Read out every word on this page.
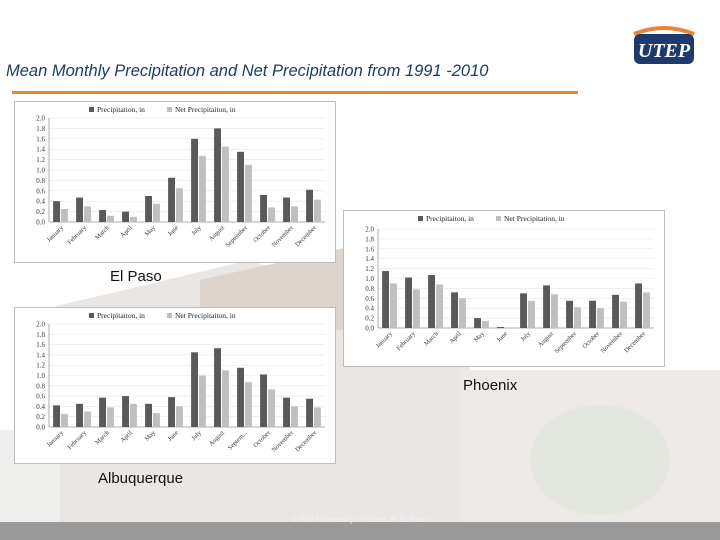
Mean Monthly Precipitation and Net Precipitation from 1991 -2010
UTEP
Precipitation, in	Net Precipitaiton, in
0.0
0.2
0.4
0.6
0.8
1.0
1.2
1.4
1.6
1.8
2.0
January February March April May June July August
September October
November December
El Paso
Precipitaiton, in	Net Precipitation, in
0.0
0.2
0.4
0.6
0.8
1.0
1.2
1.4
1.6
1.8
2.0
January February March April May June July August
September October
November December
Phoenix
Precipitaiton, in	Net Precipitaiton, in
0.0
0.2
0.4
0.6
0.8
1.0
1.2
1.4
1.6
1.8
2.0
January February March April May June July August Septem... October
November December
Albuquerque
© The University of Texas at El Paso
